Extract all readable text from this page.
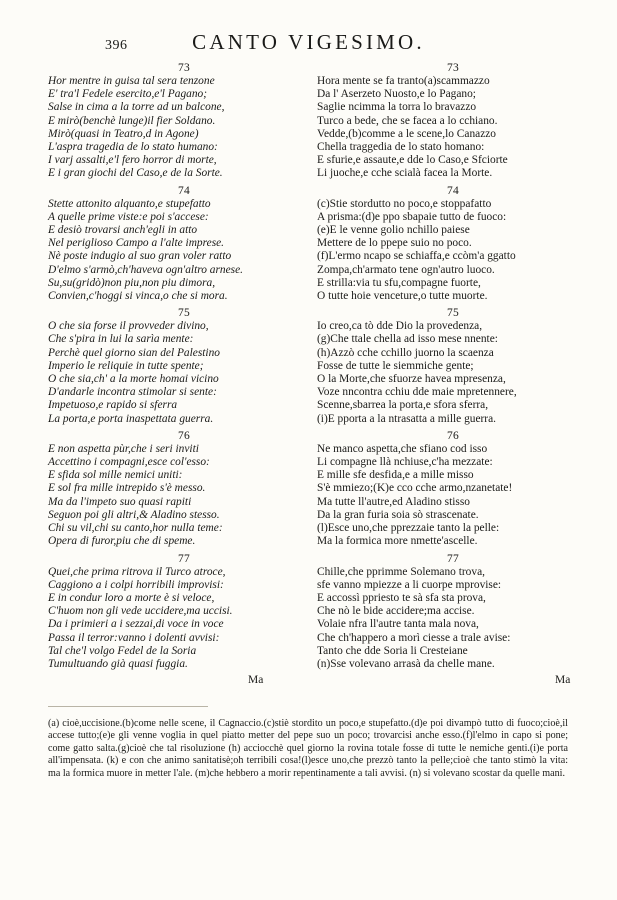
396	CANTO VIGESIMO.
73
Hor mentre in guisa tal sera tenzone
E' tra'l Fedele esercito,e'l Pagano;
Salse in cima a la torre ad un balcone,
E mirò(benchè lunge)il fier Soldano.
Mirò(quasi in Teatro,d in Agone)
L'aspra tragedia de lo stato humano:
I varj assalti,e'l fero horror di morte,
E i gran giochi del Caso,e de la Sorte.
74
Stette attonito alquanto,e stupefatto
A quelle prime viste:e poi s'accese:
E desiò trovarsi anch'egli in atto
Nel periglioso Campo a l'alte imprese.
Nè poste indugio al suo gran voler ratto
D'elmo s'armò,ch'haveva ogn'altro arnese.
Su,su(gridò)non piu,non piu dimora,
Convien,c'hoggi si vinca,o che si mora.
75
O che sia forse il provveder divino,
Che s'pira in lui la sarìa mente:
Perchè quel giorno sian del Palestino
Imperio le reliquie in tutte spente;
O che sia,ch' a la morte homai vicino
D'andarle incontra stimolar si sente:
Impetuoso,e rapido si sferra
La porta,e porta inaspettata guerra.
76
E non aspetta pùr,che i seri inviti
Accettino i compagni,esce col'esso:
E sfida sol mille nemici uniti:
E sol fra mille intrepido s'è messo.
Ma da l'impeto suo quasi rapiti
Seguon poi gli altri,& Aladino stesso.
Chi su vil,chi su canto,hor nulla teme:
Opera di furor,piu che di speme.
77
Quei,che prima ritrova il Turco atroce,
Caggiono a i colpi horribili improvisi:
E in condur loro a morte è si veloce,
C'huom non gli vede uccidere,ma uccisi.
Da i primieri a i sezzai,di voce in voce
Passa il terror:vanno i dolenti avvisi:
Tal che'l volgo Fedel de la Soria
Tumultuando già quasi fuggia.
Ma
73
Hora mente se fa tranto(a)scammazzo
Da l' Aserzeto Nuosto,e lo Pagano;
Saglie ncimma la torra lo bravazzo
Turco a bede, che se facea a lo cchiano.
Vedde,(b)comme a le scene,lo Canazzo
Chella traggedia de lo stato homano:
E sfurie,e assaute,e dde lo Caso,e Sfciorte
Li juoche,e cche scialà facea la Morte.
74
(c)Stie stordutto no poco,e stoppafatto
A prisma:(d)e ppo sbapaie tutto de fuoco:
(e)E le venne golio nchillo paiese
Mettere de lo ppepe suio no poco.
(f)L'ermo ncapo se schiaffa,e ccòm'a ggatto
Zompa,ch'armato tene ogn'autro luoco.
E strilla:via tu sfu,compagne fuorte,
O tutte hoie venceture,o tutte muorte.
75
Io creo,ca tò dde Dio la provedenza,
(g)Che ttale chella ad isso mese nnente:
(h)Azzò cche cchillo juorno la scaenza
Fosse de tutte le siemmiche gente;
O la Morte,che sfuorze havea mpresenza,
Voze nncontra cchiu dde maie mpretennere,
Scenne,sbarrea la porta,e sfora sferra,
(i)E pporta a la ntrasatta a mille guerra.
76
Ne manco aspetta,che sfiano cod isso
Li compagne llà nchiuse,c'ha mezzate:
E mille sfe desfida,e a mille misso
S'è mmiezo;(K)e cco cche armo,nzanetate!
Ma tutte ll'autre,ed Aladino stisso
Da la gran furia soia sò strascenate.
(l)Esce uno,che pprezzaie tanto la pelle:
Ma la formica more nmette'ascelle.
77
Chille,che pprimme Solemano trova,
sfe vanno mpiezze a li cuorpe mprovise:
E accossì ppriesto te sà sfa sta prova,
Che nò le bide accidere;ma accise.
Volaie nfra ll'autre tanta mala nova,
Che ch'happero a morì ciesse a trale avise:
Tanto che dde Soria li Cresteiane
(n)Sse volevano arrasà da chelle mane.
Ma
(a) cioè,uccisione.(b)come nelle scene, il Cagnaccio.(c)stiè stordito un poco,e stupefatto.(d)e poi divampò tutto di fuoco;cioè,il accese tutto;(e)e gli venne voglia in quel piatto metter del pepe suo un poco; trovarcisi anche esso.(f)l'elmo in capo si pone; come gatto salta.(g)cioè che tal risoluzione (h) acciocchè quel giorno la rovina totale fosse di tutte le nemiche genti.(i)e porta all'impensata. (k) e con che animo sanitatisè;oh terribili cosa!(l)esce uno,che prezzò tanto la pelle;cioè che tanto stimò la vita: ma la formica muore in metter l'ale. (m)che hebbero a morir repentinamente a tali avvisi. (n) si volevano scostar da quelle mani.
